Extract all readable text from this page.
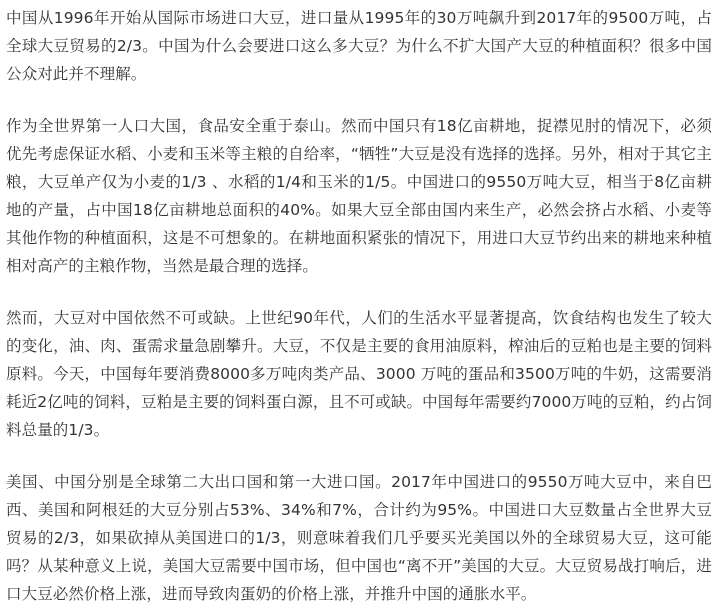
中国从1996年开始从国际市场进口大豆，进口量从1995年的30万吨飙升到2017年的9500万吨，占全球大豆贸易的2/3。中国为什么会要进口这么多大豆？为什么不扩大国产大豆的种植面积？很多中国公众对此并不理解。

作为全世界第一人口大国，食品安全重于泰山。然而中国只有18亿亩耕地，捉襟见肘的情况下，必须优先考虑保证水稻、小麦和玉米等主粮的自给率，“牺牲”大豆是没有选择的选择。另外，相对于其它主粮，大豆单产仅为小麦的1/3 、水稻的1/4和玉米的1/5。中国进口的9550万吨大豆，相当于8亿亩耕地的产量，占中国18亿亩耕地总面积的40%。如果大豆全部由国内来生产，必然会挤占水稻、小麦等其他作物的种植面积，这是不可想象的。在耕地面积紧张的情况下，用进口大豆节约出来的耕地来种植相对高产的主粮作物，当然是最合理的选择。

然而，大豆对中国依然不可或缺。上世纪90年代，人们的生活水平显著提高，饮食结构也发生了较大的变化，油、肉、蛋需求量急剧攀升。大豆，不仅是主要的食用油原料，榨油后的豆粕也是主要的饲料原料。今天，中国每年要消费8000多万吨肉类产品、3000 万吨的蛋品和3500万吨的牛奶，这需要消耗近2亿吨的饲料，豆粕是主要的饲料蛋白源，且不可或缺。中国每年需要约7000万吨的豆粕，约占饲料总量的1/3。

美国、中国分别是全球第二大出口国和第一大进口国。2017年中国进口的9550万吨大豆中，来自巴西、美国和阿根廷的大豆分别占53%、34%和7%，合计约为95%。中国进口大豆数量占全世界大豆贸易的2/3，如果砍掉从美国进口的1/3，则意味着我们几乎要买光美国以外的全球贸易大豆，这可能吗？从某种意义上说，美国大豆需要中国市场，但中国也“离不开”美国的大豆。大豆贸易战打响后，进口大豆必然价格上涨，进而导致肉蛋奶的价格上涨，并推升中国的通胀水平。
